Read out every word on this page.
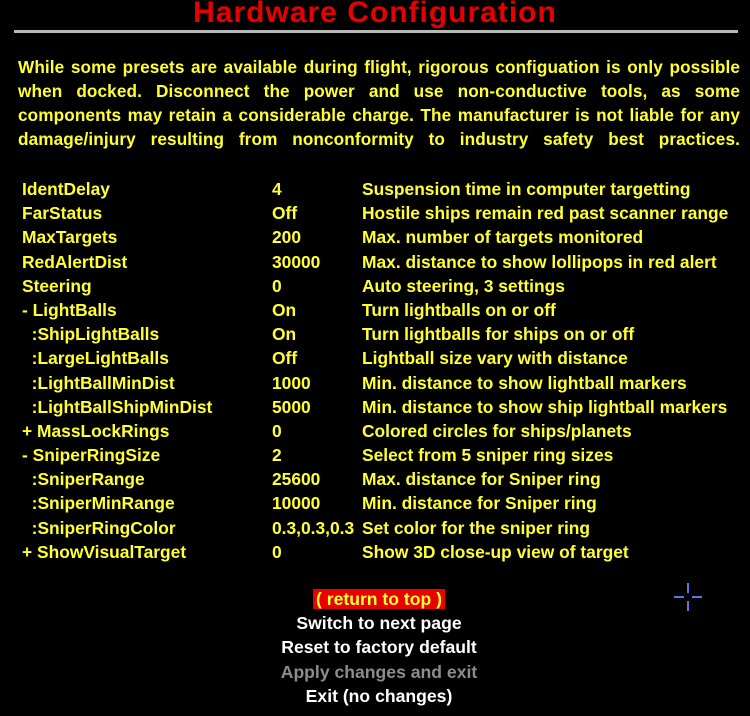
Hardware Configuration
While some presets are available during flight, rigorous configuation is only possible
when docked. Disconnect the power and use non-conductive tools, as some
components may retain a considerable charge. The manufacturer is not liable for any
damage/injury resulting from nonconformity to industry safety best practices.
IdentDelay	4	Suspension time in computer targetting
FarStatus	Off	Hostile ships remain red past scanner range
MaxTargets	200	Max. number of targets monitored
RedAlertDist	30000 Max. distance to show lollipops in red alert
Steering	0	Auto steering, 3 settings
- LightBalls	On	Turn lightballs on or off
:ShipLightBalls	On	Turn lightballs for ships on or off
:LargeLightBalls	Off	Lightball size vary with distance
:LightBallMinDist	1000	Min. distance to show lightball markers
:LightBallShipMinDist	5000	Min. distance to show ship lightball markers
+ MassLockRings	0	Colored circles for ships/planets
- SniperRingSize	2	Select from 5 sniper ring sizes
:SniperRange	25600 Max. distance for Sniper ring
:SniperMinRange	10000 Min. distance for Sniper ring
:SniperRingColor	0.3,0.3,0.3 Set color for the sniper ring
+ ShowVisualTarget	0	Show 3D close-up view of target
( return to top )
Switch to next page
Reset to factory default
Apply changes and exit
Exit (no changes)
